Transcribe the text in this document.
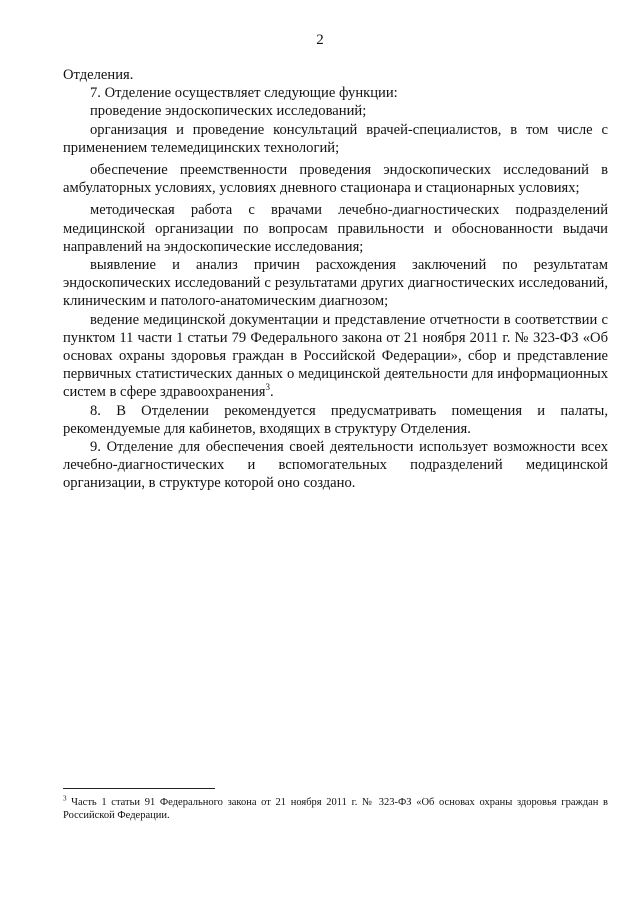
2

Отделения.

7. Отделение осуществляет следующие функции:

проведение эндоскопических исследований;

организация и проведение консультаций врачей-специалистов, в том числе с применением телемедицинских технологий;

обеспечение преемственности проведения эндоскопических исследований в амбулаторных условиях, условиях дневного стационара и стационарных условиях;

методическая работа с врачами лечебно-диагностических подразделений медицинской организации по вопросам правильности и обоснованности выдачи направлений на эндоскопические исследования;

выявление и анализ причин расхождения заключений по результатам эндоскопических исследований с результатами других диагностических исследований, клиническим и патолого-анатомическим диагнозом;

ведение медицинской документации и представление отчетности в соответствии с пунктом 11 части 1 статьи 79 Федерального закона от 21 ноября 2011 г. № 323-ФЗ «Об основах охраны здоровья граждан в Российской Федерации», сбор и представление первичных статистических данных о медицинской деятельности для информационных систем в сфере здравоохранения$^3$.

8. В Отделении рекомендуется предусматривать помещения и палаты, рекомендуемые для кабинетов, входящих в структуру Отделения.

9. Отделение для обеспечения своей деятельности использует возможности всех лечебно-диагностических и вспомогательных подразделений медицинской организации, в структуре которой оно создано.

$^3$ Часть 1 статьи 91 Федерального закона от 21 ноября 2011 г. № 323-ФЗ «Об основах охраны здоровья граждан в Российской Федерации.
